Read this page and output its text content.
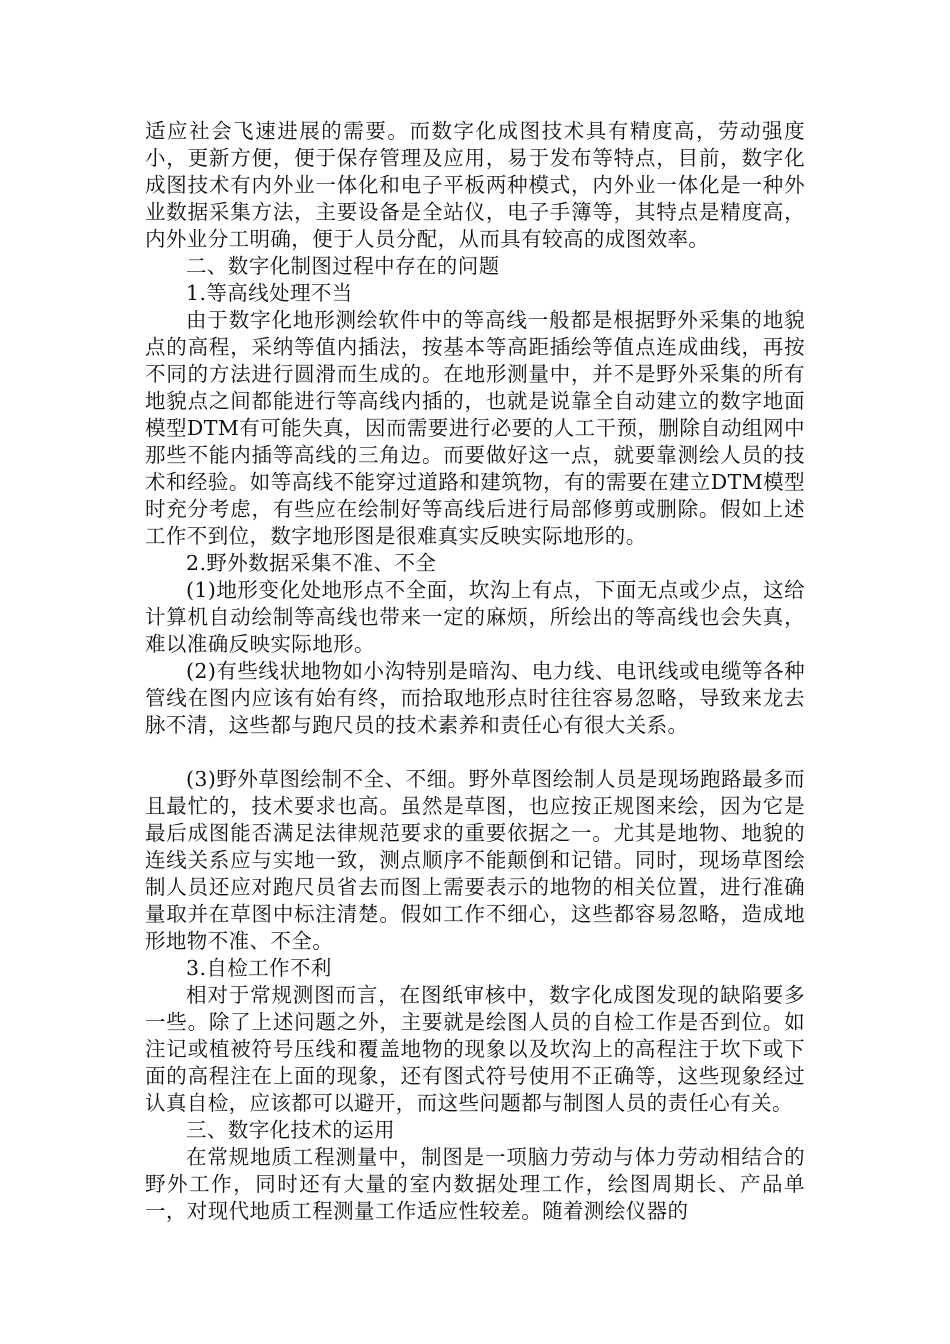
适应社会飞速进展的需要。而数字化成图技术具有精度高，劳动强度小，更新方便，便于保存管理及应用，易于发布等特点，目前，数字化成图技术有内外业一体化和电子平板两种模式，内外业一体化是一种外业数据采集方法，主要设备是全站仪，电子手簿等，其特点是精度高，内外业分工明确，便于人员分配，从而具有较高的成图效率。

二、数字化制图过程中存在的问题

1.等高线处理不当

由于数字化地形测绘软件中的等高线一般都是根据野外采集的地貌点的高程，采纳等值内插法，按基本等高距插绘等值点连成曲线，再按不同的方法进行圆滑而生成的。在地形测量中，并不是野外采集的所有地貌点之间都能进行等高线内插的，也就是说靠全自动建立的数字地面模型DTM有可能失真，因而需要进行必要的人工干预，删除自动组网中那些不能内插等高线的三角边。而要做好这一点，就要靠测绘人员的技术和经验。如等高线不能穿过道路和建筑物，有的需要在建立DTM模型时充分考虑，有些应在绘制好等高线后进行局部修剪或删除。假如上述工作不到位，数字地形图是很难真实反映实际地形的。

2.野外数据采集不准、不全

(1)地形变化处地形点不全面，坎沟上有点，下面无点或少点，这给计算机自动绘制等高线也带来一定的麻烦，所绘出的等高线也会失真，难以准确反映实际地形。

(2)有些线状地物如小沟特别是暗沟、电力线、电讯线或电缆等各种管线在图内应该有始有终，而拾取地形点时往往容易忽略，导致来龙去脉不清，这些都与跑尺员的技术素养和责任心有很大关系。

(3)野外草图绘制不全、不细。野外草图绘制人员是现场跑路最多而且最忙的，技术要求也高。虽然是草图，也应按正规图来绘，因为它是最后成图能否满足法律规范要求的重要依据之一。尤其是地物、地貌的连线关系应与实地一致，测点顺序不能颠倒和记错。同时，现场草图绘制人员还应对跑尺员省去而图上需要表示的地物的相关位置，进行准确量取并在草图中标注清楚。假如工作不细心，这些都容易忽略，造成地形地物不准、不全。

3.自检工作不利

相对于常规测图而言，在图纸审核中，数字化成图发现的缺陷要多一些。除了上述问题之外，主要就是绘图人员的自检工作是否到位。如注记或植被符号压线和覆盖地物的现象以及坎沟上的高程注于坎下或下面的高程注在上面的现象，还有图式符号使用不正确等，这些现象经过认真自检，应该都可以避开，而这些问题都与制图人员的责任心有关。

三、数字化技术的运用

在常规地质工程测量中，制图是一项脑力劳动与体力劳动相结合的野外工作，同时还有大量的室内数据处理工作，绘图周期长、产品单一，对现代地质工程测量工作适应性较差。随着测绘仪器的
